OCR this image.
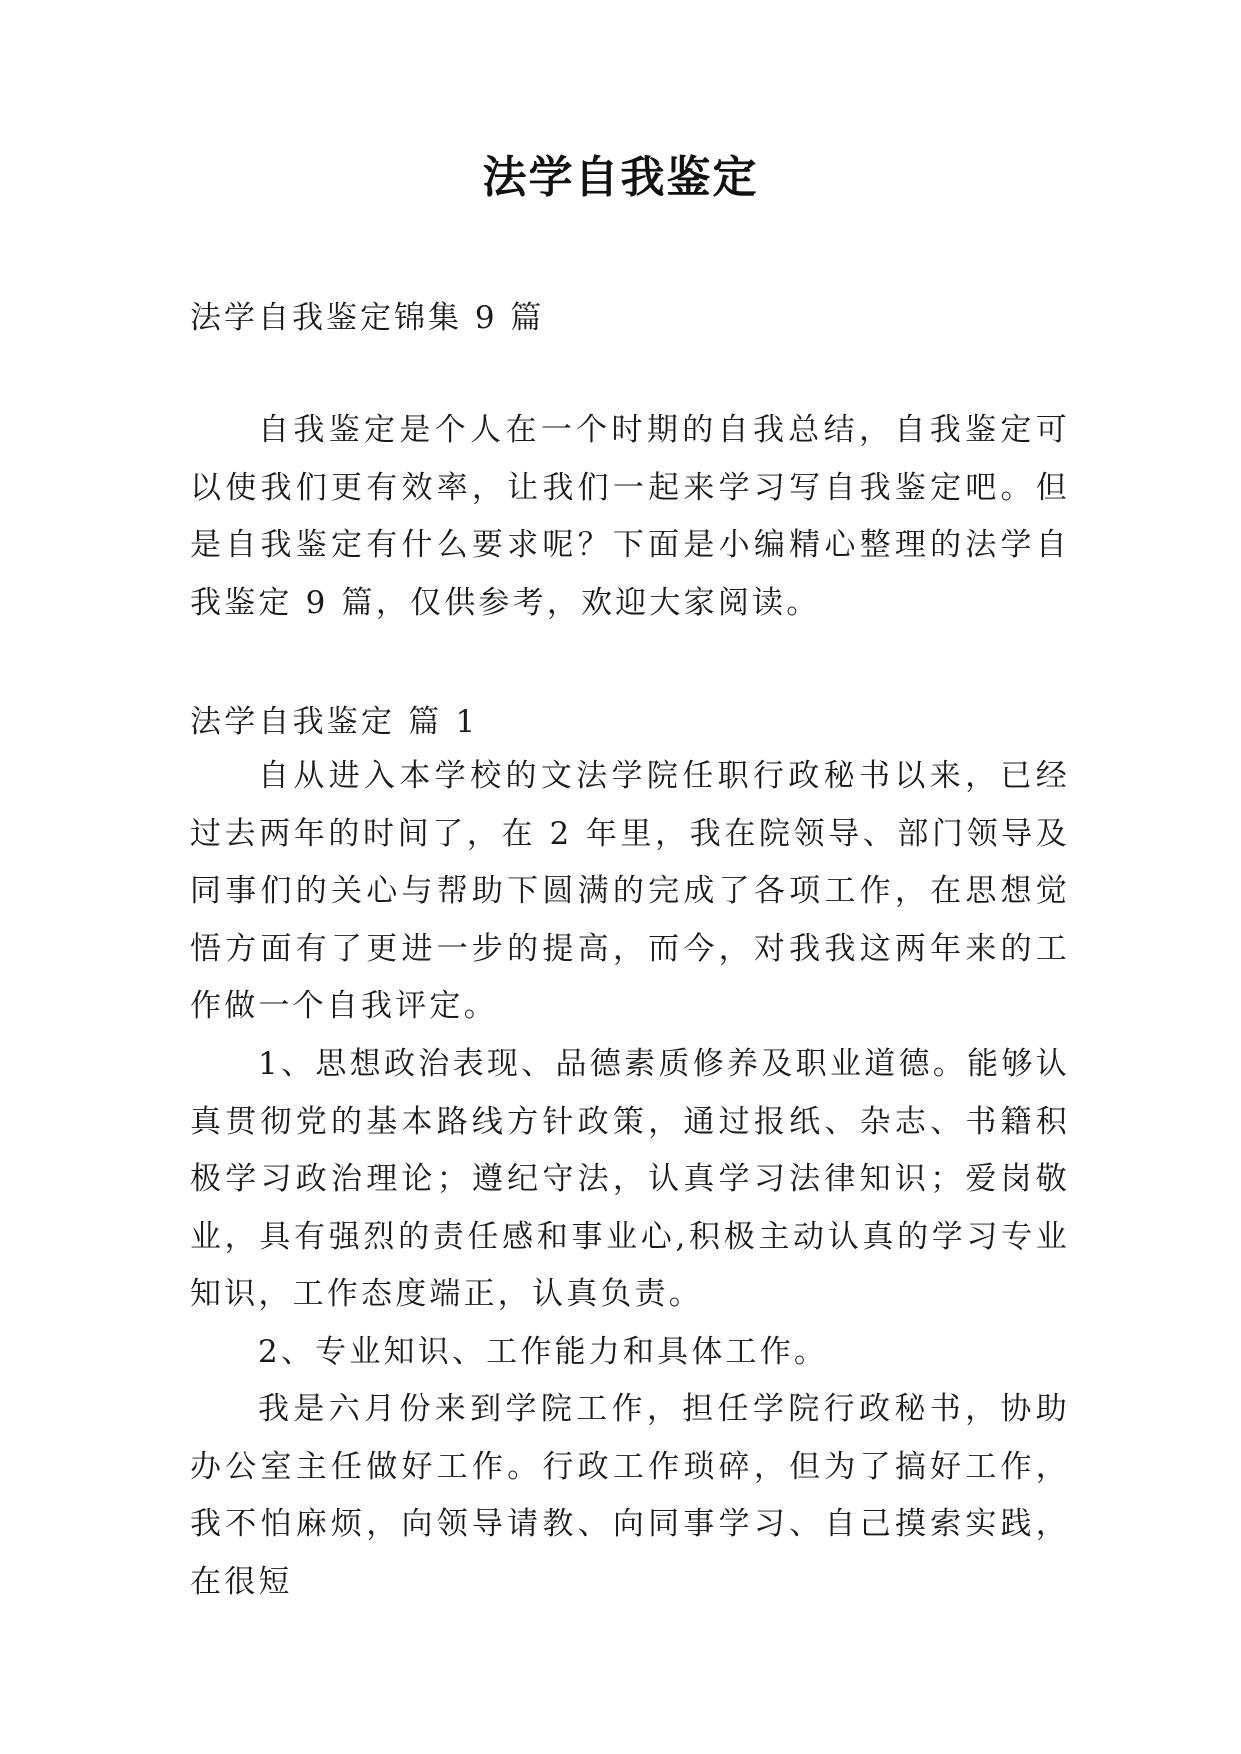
法学自我鉴定
法学自我鉴定锦集 9 篇
自我鉴定是个人在一个时期的自我总结，自我鉴定可以使我们更有效率，让我们一起来学习写自我鉴定吧。但是自我鉴定有什么要求呢？下面是小编精心整理的法学自我鉴定 9 篇，仅供参考，欢迎大家阅读。
法学自我鉴定 篇 1
自从进入本学校的文法学院任职行政秘书以来，已经过去两年的时间了，在 2 年里，我在院领导、部门领导及同事们的关心与帮助下圆满的完成了各项工作，在思想觉悟方面有了更进一步的提高，而今，对我我这两年来的工作做一个自我评定。
1、思想政治表现、品德素质修养及职业道德。能够认真贯彻党的基本路线方针政策，通过报纸、杂志、书籍积极学习政治理论；遵纪守法，认真学习法律知识；爱岗敬业，具有强烈的责任感和事业心,积极主动认真的学习专业知识，工作态度端正，认真负责。
2、专业知识、工作能力和具体工作。
我是六月份来到学院工作，担任学院行政秘书，协助办公室主任做好工作。行政工作琐碎，但为了搞好工作，我不怕麻烦，向领导请教、向同事学习、自己摸索实践，在很短
